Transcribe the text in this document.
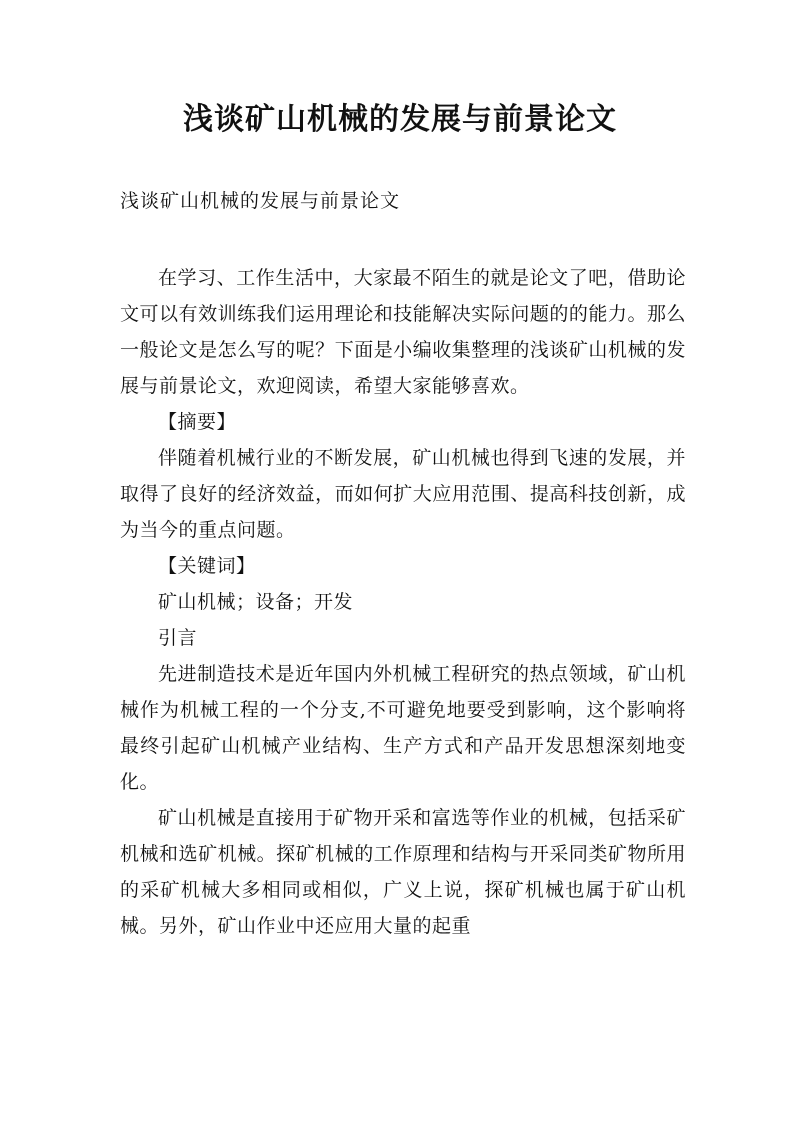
浅谈矿山机械的发展与前景论文

浅谈矿山机械的发展与前景论文

在学习、工作生活中，大家最不陌生的就是论文了吧，借助论文可以有效训练我们运用理论和技能解决实际问题的的能力。那么一般论文是怎么写的呢？下面是小编收集整理的浅谈矿山机械的发展与前景论文，欢迎阅读，希望大家能够喜欢。

【摘要】

伴随着机械行业的不断发展，矿山机械也得到飞速的发展，并取得了良好的经济效益，而如何扩大应用范围、提高科技创新，成为当今的重点问题。

【关键词】

矿山机械；设备；开发

引言

先进制造技术是近年国内外机械工程研究的热点领域，矿山机械作为机械工程的一个分支,不可避免地要受到影响，这个影响将最终引起矿山机械产业结构、生产方式和产品开发思想深刻地变化。

矿山机械是直接用于矿物开采和富选等作业的机械，包括采矿机械和选矿机械。探矿机械的工作原理和结构与开采同类矿物所用的采矿机械大多相同或相似，广义上说，探矿机械也属于矿山机械。另外，矿山作业中还应用大量的起重
